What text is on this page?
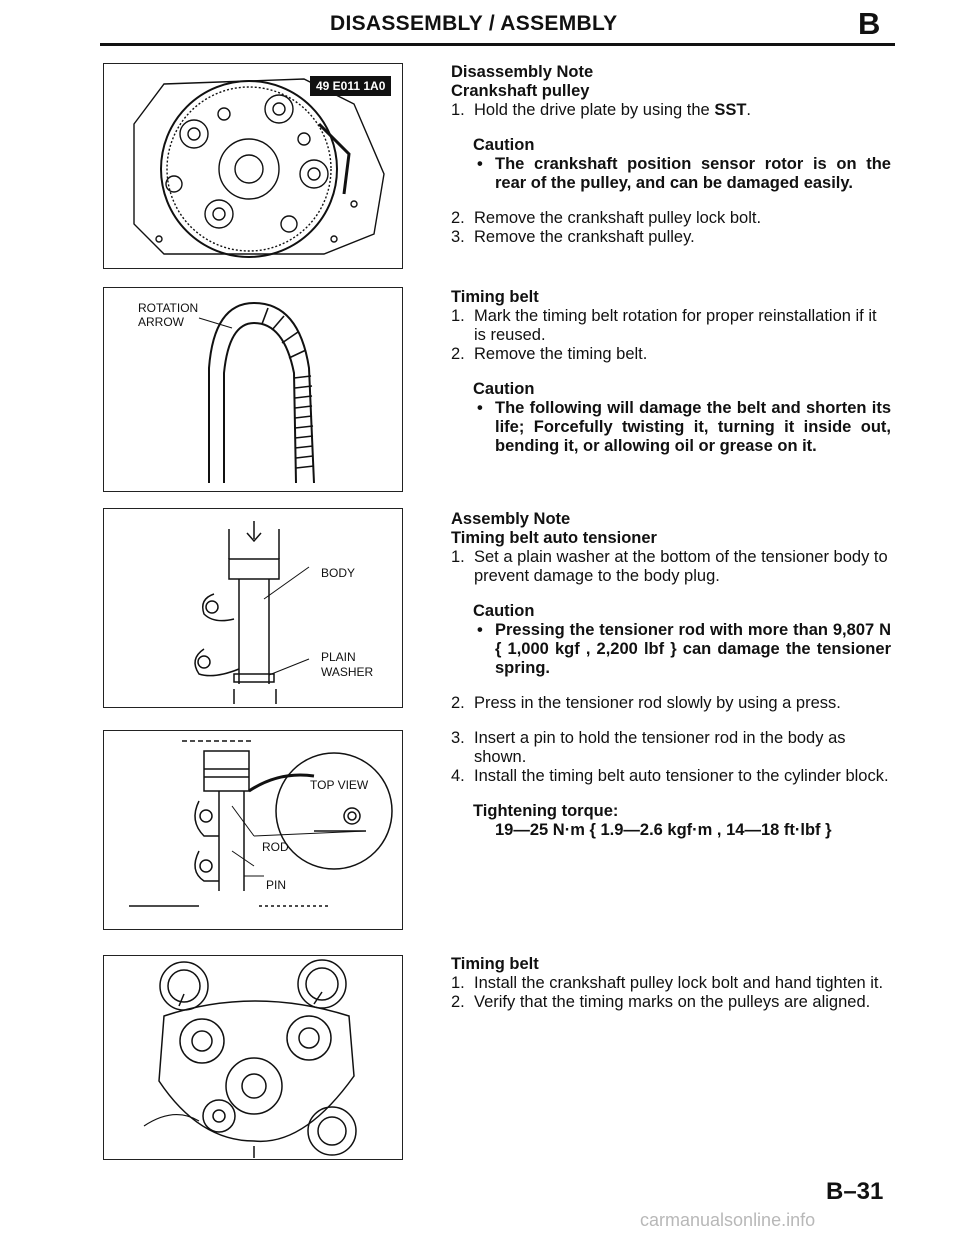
DISASSEMBLY / ASSEMBLY	B
49 E011 1A0
ROTATION
ARROW
BODY
PLAIN
WASHER
TOP VIEW
ROD
PIN
Disassembly Note
Crankshaft pulley
1. Hold the drive plate by using the SST.
Caution
• The crankshaft position sensor rotor is on the rear of the pulley, and can be damaged easily.
2. Remove the crankshaft pulley lock bolt.
3. Remove the crankshaft pulley.
Timing belt
1. Mark the timing belt rotation for proper reinstallation if it is reused.
2. Remove the timing belt.
Caution
• The following will damage the belt and shorten its life; Forcefully twisting it, turning it inside out, bending it, or allowing oil or grease on it.
Assembly Note
Timing belt auto tensioner
1. Set a plain washer at the bottom of the tensioner body to prevent damage to the body plug.
Caution
• Pressing the tensioner rod with more than 9,807 N { 1,000 kgf , 2,200 lbf } can damage the tensioner spring.
2. Press in the tensioner rod slowly by using a press.
3. Insert a pin to hold the tensioner rod in the body as shown.
4. Install the timing belt auto tensioner to the cylinder block.
Tightening torque:
19—25 N·m { 1.9—2.6 kgf·m , 14—18 ft·lbf }
Timing belt
1. Install the crankshaft pulley lock bolt and hand tighten it.
2. Verify that the timing marks on the pulleys are aligned.
B–31
carmanualsonline.info
